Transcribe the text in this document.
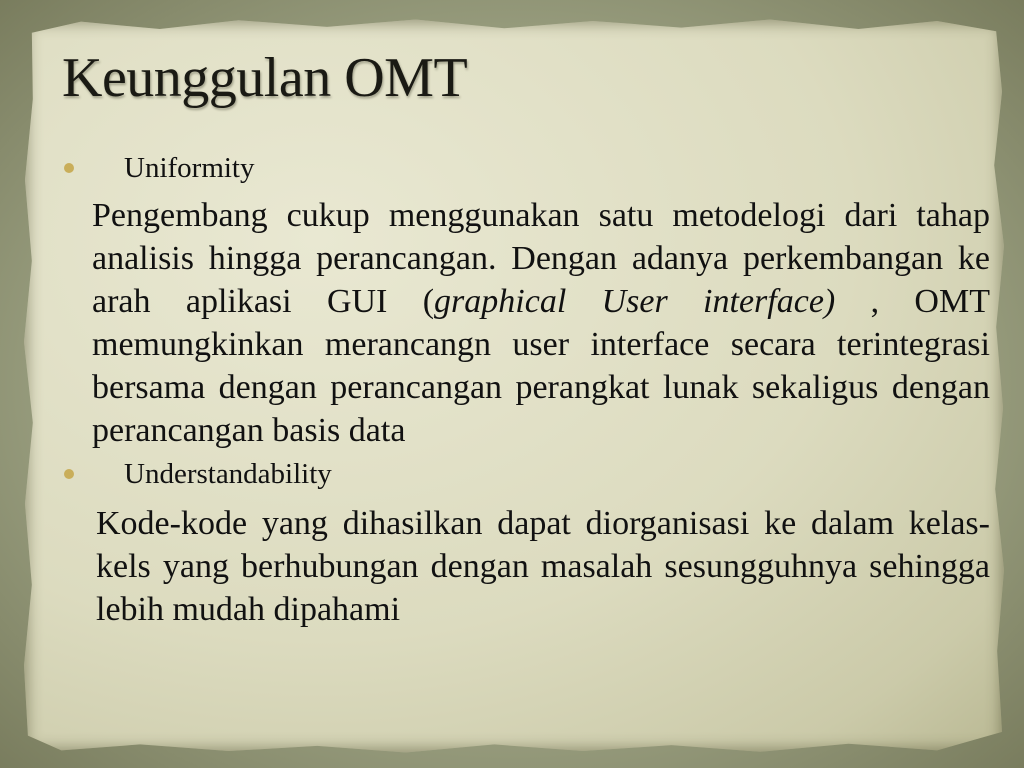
Keunggulan OMT
Uniformity

Pengembang cukup menggunakan satu metodelogi dari tahap analisis hingga perancangan. Dengan adanya perkembangan ke arah aplikasi GUI (graphical User interface) , OMT memungkinkan merancangn user interface secara terintegrasi bersama dengan perancangan perangkat lunak sekaligus dengan perancangan basis data

Understandability

Kode-kode yang dihasilkan dapat diorganisasi ke dalam kelas-kels yang berhubungan dengan masalah sesungguhnya sehingga lebih mudah dipahami
